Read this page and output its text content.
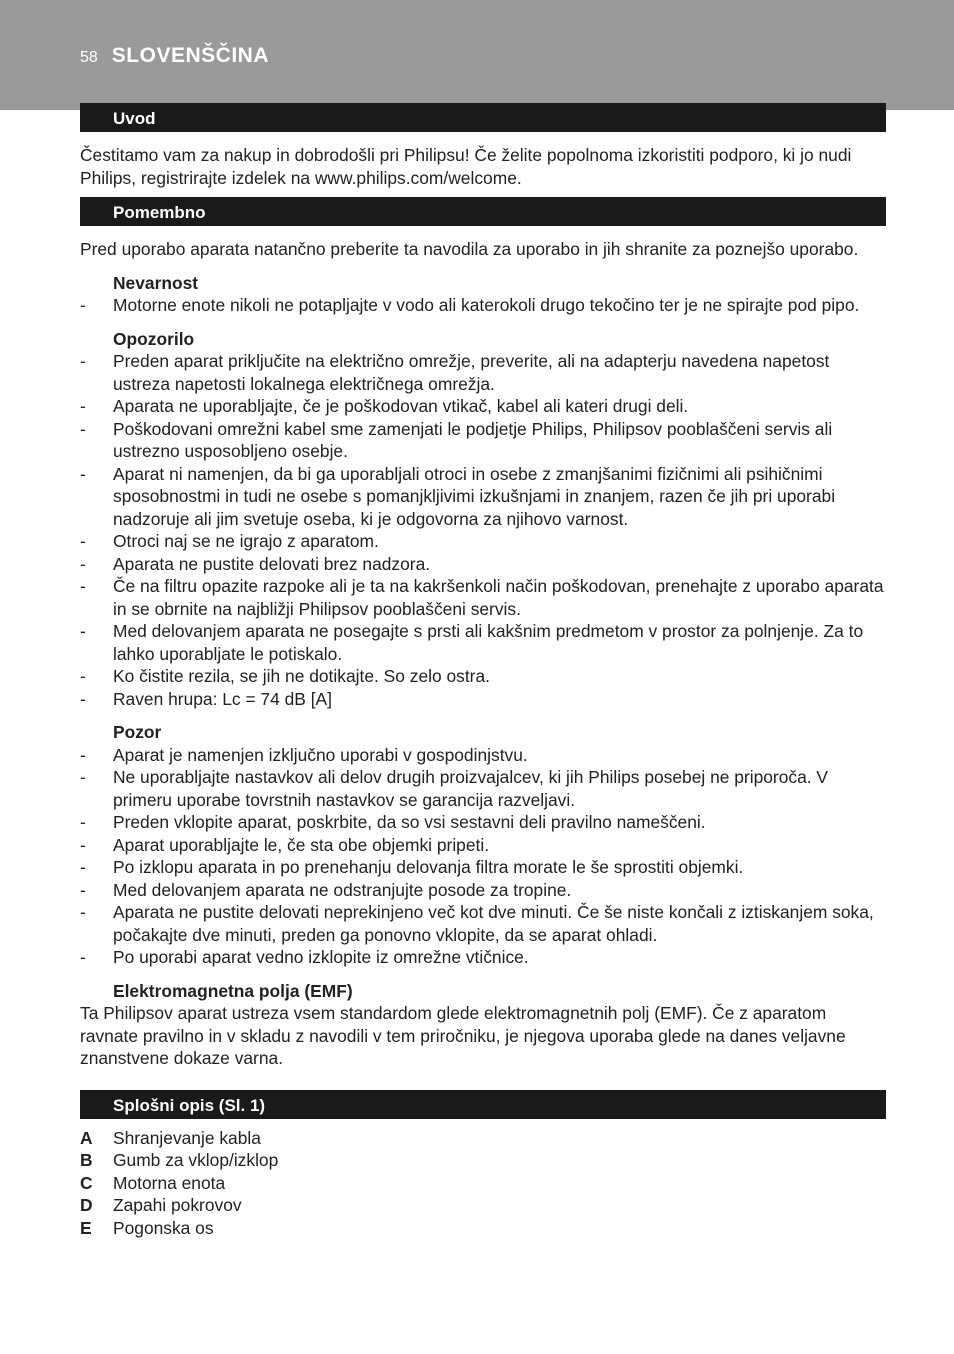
58 SLOVENŠČINA
Uvod

Čestitamo vam za nakup in dobrodošli pri Philipsu! Če želite popolnoma izkoristiti podporo, ki jo nudi Philips, registrirajte izdelek na www.philips.com/welcome.

Pomembno

Pred uporabo aparata natančno preberite ta navodila za uporabo in jih shranite za poznejšo uporabo.

Nevarnost
- Motorne enote nikoli ne potapljajte v vodo ali katerokoli drugo tekočino ter je ne spirajte pod pipo.
Opozorilo
- Preden aparat priključite na električno omrežje, preverite, ali na adapterju navedena napetost ustreza napetosti lokalnega električnega omrežja.
- Aparata ne uporabljajte, če je poškodovan vtikač, kabel ali kateri drugi deli.
- Poškodovani omrežni kabel sme zamenjati le podjetje Philips, Philipsov pooblaščeni servis ali ustrezno usposobljeno osebje.
- Aparat ni namenjen, da bi ga uporabljali otroci in osebe z zmanjšanimi fizičnimi ali psihičnimi sposobnostmi in tudi ne osebe s pomanjkljivimi izkušnjami in znanjem, razen če jih pri uporabi nadzoruje ali jim svetuje oseba, ki je odgovorna za njihovo varnost.
- Otroci naj se ne igrajo z aparatom.
- Aparata ne pustite delovati brez nadzora.
- Če na filtru opazite razpoke ali je ta na kakršenkoli način poškodovan, prenehajte z uporabo aparata in se obrnite na najbližji Philipsov pooblaščeni servis.
- Med delovanjem aparata ne posegajte s prsti ali kakšnim predmetom v prostor za polnjenje. Za to lahko uporabljate le potiskalo.
- Ko čistite rezila, se jih ne dotikajte. So zelo ostra.
- Raven hrupa: Lc = 74 dB [A]
Pozor
- Aparat je namenjen izključno uporabi v gospodinjstvu.
- Ne uporabljajte nastavkov ali delov drugih proizvajalcev, ki jih Philips posebej ne priporoča. V primeru uporabe tovrstnih nastavkov se garancija razveljavi.
- Preden vklopite aparat, poskrbite, da so vsi sestavni deli pravilno nameščeni.
- Aparat uporabljajte le, če sta obe objemki pripeti.
- Po izklopu aparata in po prenehanju delovanja filtra morate le še sprostiti objemki.
- Med delovanjem aparata ne odstranjujte posode za tropine.
- Aparata ne pustite delovati neprekinjeno več kot dve minuti. Če še niste končali z iztiskanjem soka, počakajte dve minuti, preden ga ponovno vklopite, da se aparat ohladi.
- Po uporabi aparat vedno izklopite iz omrežne vtičnice.
Elektromagnetna polja (EMF)

Ta Philipsov aparat ustreza vsem standardom glede elektromagnetnih polj (EMF). Če z aparatom ravnate pravilno in v skladu z navodili v tem priročniku, je njegova uporaba glede na danes veljavne znanstvene dokaze varna.

Splošni opis (Sl. 1)
A	Shranjevanje kabla
B	Gumb za vklop/izklop
C	Motorna enota
D	Zapahi pokrovov
E	Pogonska os
